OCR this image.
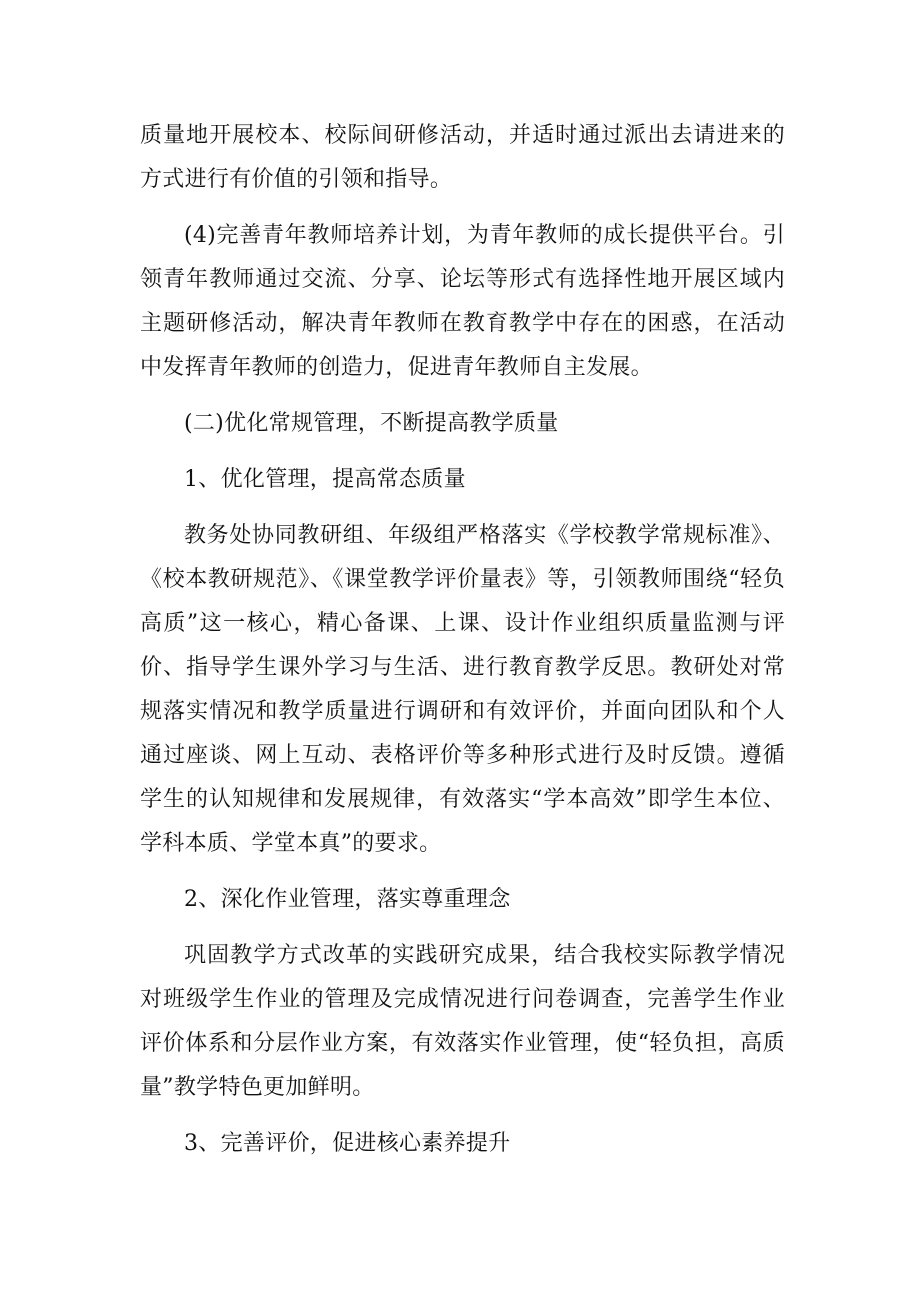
质量地开展校本、校际间研修活动，并适时通过派出去请进来的方式进行有价值的引领和指导。

(4)完善青年教师培养计划，为青年教师的成长提供平台。引领青年教师通过交流、分享、论坛等形式有选择性地开展区域内主题研修活动，解决青年教师在教育教学中存在的困惑，在活动中发挥青年教师的创造力，促进青年教师自主发展。

(二)优化常规管理，不断提高教学质量

1、优化管理，提高常态质量

教务处协同教研组、年级组严格落实《学校教学常规标准》、《校本教研规范》、《课堂教学评价量表》等，引领教师围绕“轻负高质”这一核心，精心备课、上课、设计作业组织质量监测与评价、指导学生课外学习与生活、进行教育教学反思。教研处对常规落实情况和教学质量进行调研和有效评价，并面向团队和个人通过座谈、网上互动、表格评价等多种形式进行及时反馈。遵循学生的认知规律和发展规律，有效落实“学本高效”即学生本位、学科本质、学堂本真”的要求。

2、深化作业管理，落实尊重理念

巩固教学方式改革的实践研究成果，结合我校实际教学情况对班级学生作业的管理及完成情况进行问卷调查，完善学生作业评价体系和分层作业方案，有效落实作业管理，使“轻负担，高质量”教学特色更加鲜明。

3、完善评价，促进核心素养提升
